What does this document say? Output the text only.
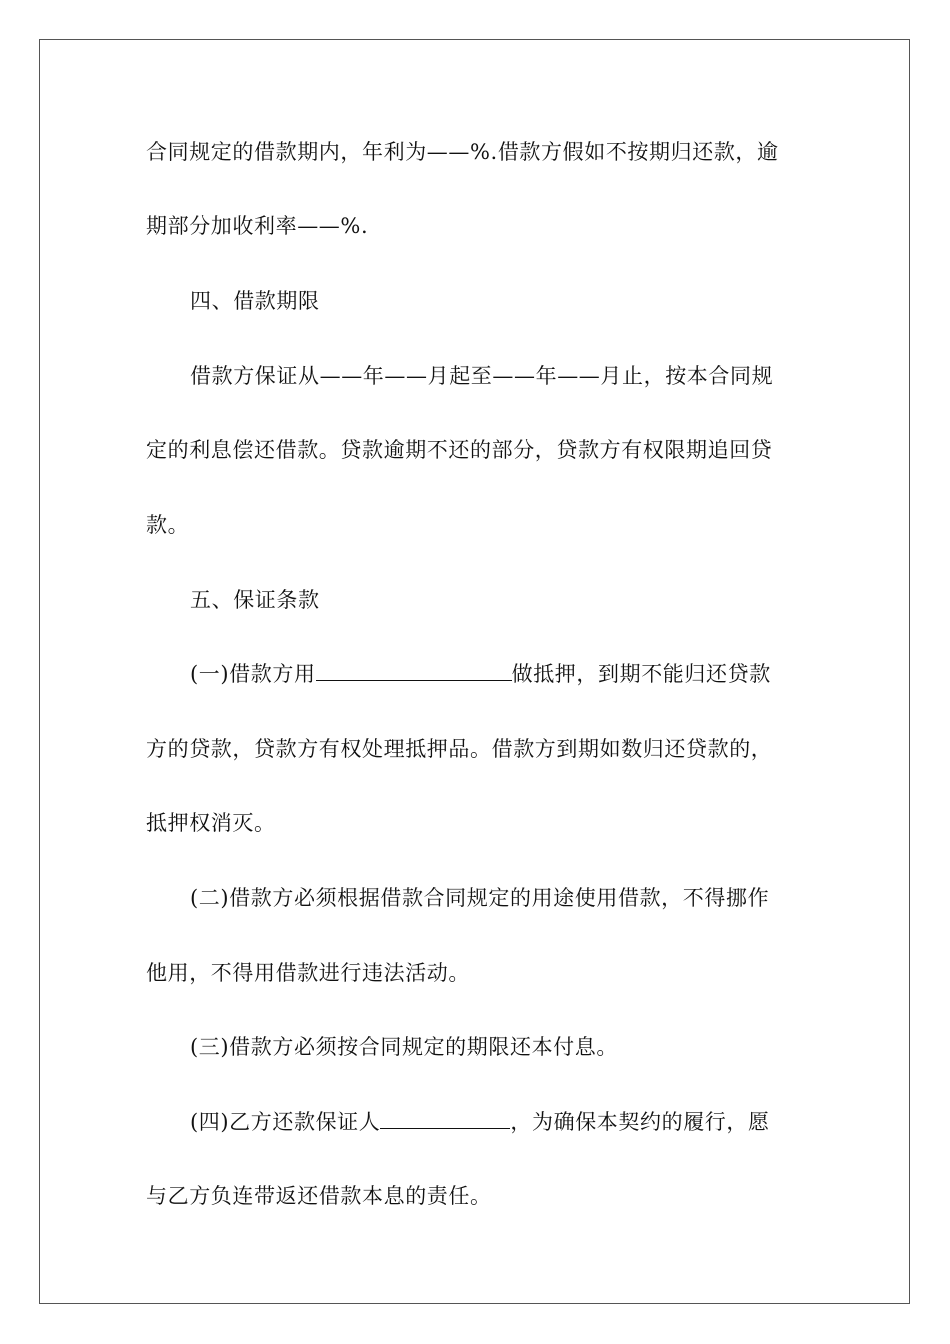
合同规定的借款期内，年利为——%.借款方假如不按期归还款，逾
期部分加收利率——%.
四、借款期限
借款方保证从——年——月起至——年——月止，按本合同规
定的利息偿还借款。贷款逾期不还的部分，贷款方有权限期追回贷
款。
五、保证条款
(一)借款方用	做抵押，到期不能归还贷款
方的贷款，贷款方有权处理抵押品。借款方到期如数归还贷款的，
抵押权消灭。
(二)借款方必须根据借款合同规定的用途使用借款，不得挪作
他用，不得用借款进行违法活动。
(三)借款方必须按合同规定的期限还本付息。
(四)乙方还款保证人	，为确保本契约的履行，愿
与乙方负连带返还借款本息的责任。
